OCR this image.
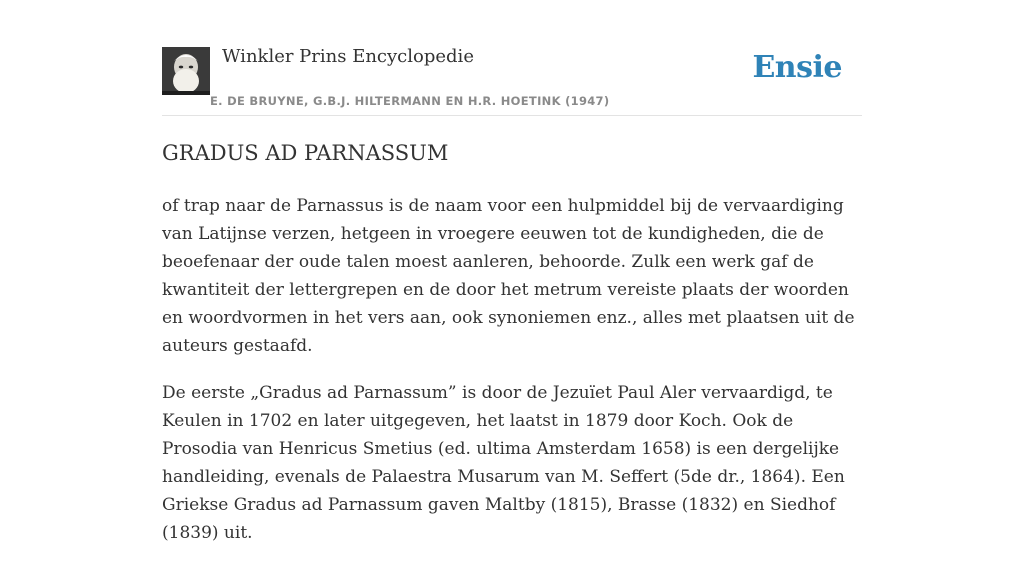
Winkler Prins Encyclopedie
E. DE BRUYNE, G.B.J. HILTERMANN EN H.R. HOETINK (1947)
Ensie
GRADUS AD PARNASSUM

of trap naar de Parnassus is de naam voor een hulpmiddel bij de vervaardiging van Latijnse verzen, hetgeen in vroegere eeuwen tot de kundigheden, die de beoefenaar der oude talen moest aanleren, behoorde. Zulk een werk gaf de kwantiteit der lettergrepen en de door het metrum vereiste plaats der woorden en woordvormen in het vers aan, ook synoniemen enz., alles met plaatsen uit de auteurs gestaafd.

De eerste „Gradus ad Parnassum” is door de Jezuïet Paul Aler vervaardigd, te Keulen in 1702 en later uitgegeven, het laatst in 1879 door Koch. Ook de Prosodia van Henricus Smetius (ed. ultima Amsterdam 1658) is een dergelijke handleiding, evenals de Palaestra Musarum van M. Seffert (5de dr., 1864). Een Griekse Gradus ad Parnassum gaven Maltby (1815), Brasse (1832) en Siedhof (1839) uit.
